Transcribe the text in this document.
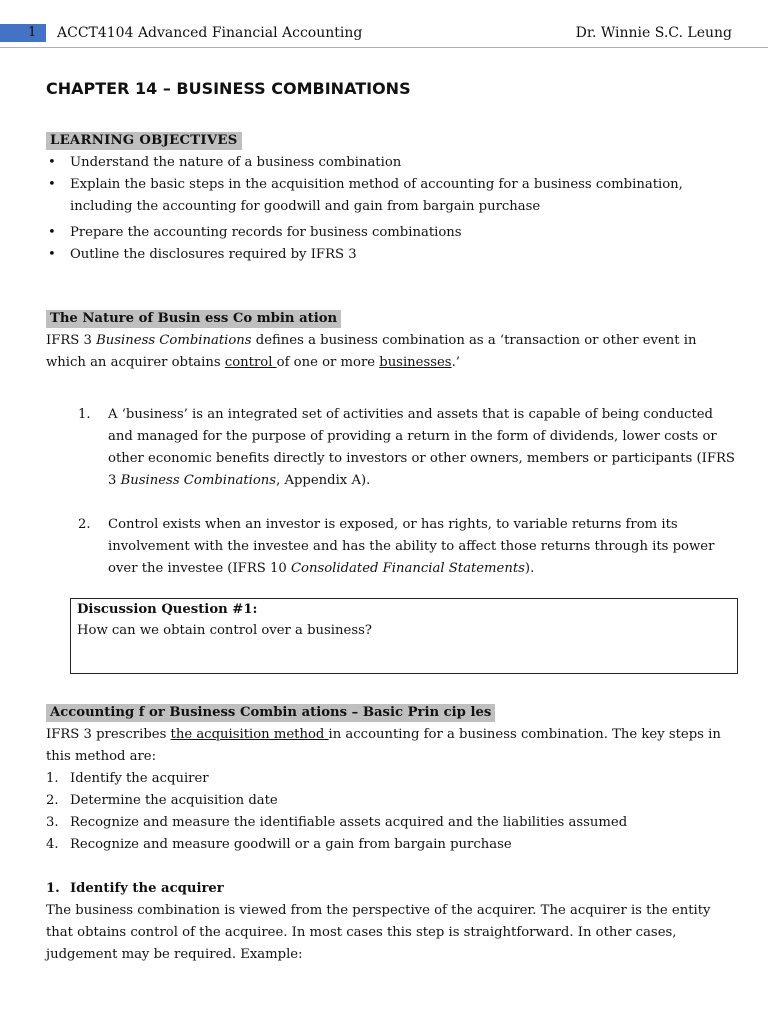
1	ACCT4104 Advanced Financial Accounting	Dr. Winnie S.C. Leung
CHAPTER 14 – BUSINESS COMBINATIONS
LEARNING OBJECTIVES
• Understand the nature of a business combination
• Explain the basic steps in the acquisition method of accounting for a business combination, including the accounting for goodwill and gain from bargain purchase
• Prepare the accounting records for business combinations
• Outline the disclosures required by IFRS 3
The Nature of Busin ess Co mbin ation

IFRS 3 Business Combinations defines a business combination as a ‘transaction or other event in which an acquirer obtains control of one or more businesses.’

1. A ‘business’ is an integrated set of activities and assets that is capable of being conducted and managed for the purpose of providing a return in the form of dividends, lower costs or other economic benefits directly to investors or other owners, members or participants (IFRS 3 Business Combinations, Appendix A).
2. Control exists when an investor is exposed, or has rights, to variable returns from its involvement with the investee and has the ability to affect those returns through its power over the investee (IFRS 10 Consolidated Financial Statements).
Discussion Question #1:
How can we obtain control over a business?
Accounting f or Business Combin ations – Basic Prin cip les

IFRS 3 prescribes the acquisition method in accounting for a business combination. The key steps in this method are:

1. Identify the acquirer
2. Determine the acquisition date
3. Recognize and measure the identifiable assets acquired and the liabilities assumed
4. Recognize and measure goodwill or a gain from bargain purchase
1. Identify the acquirer

The business combination is viewed from the perspective of the acquirer. The acquirer is the entity that obtains control of the acquiree. In most cases this step is straightforward. In other cases, judgement may be required. Example:
